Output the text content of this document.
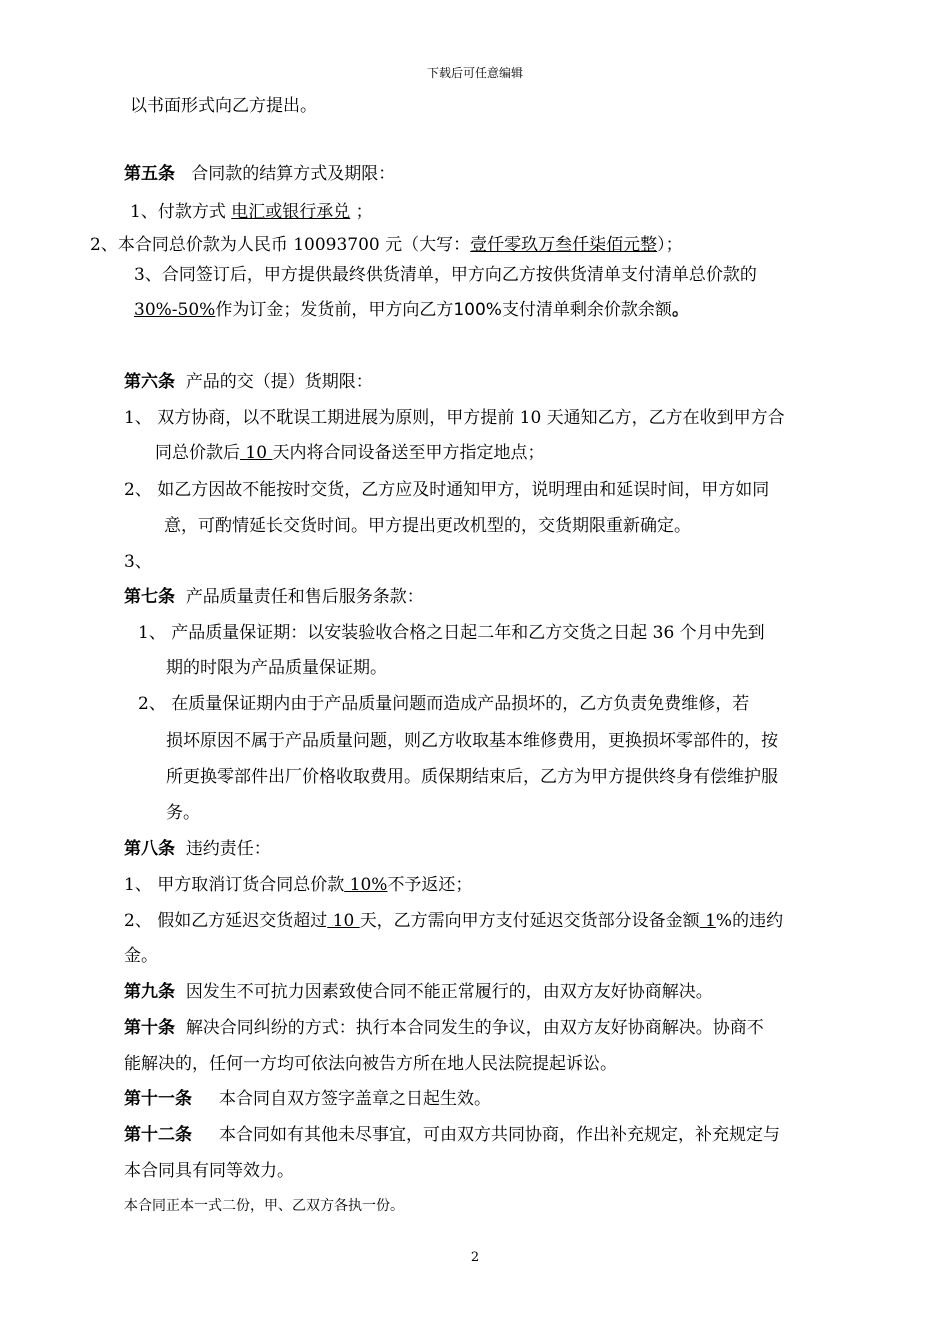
下载后可任意编辑
以书面形式向乙方提出。
第五条 合同款的结算方式及期限：
1、付款方式 电汇或银行承兑 ；
2、本合同总价款为人民币 10093700 元（大写：壹仟零玖万叁仟柒佰元整）；
3、合同签订后，甲方提供最终供货清单，甲方向乙方按供货清单支付清单总价款的
30%-50%作为订金；发货前，甲方向乙方100%支付清单剩余价款余额。
第六条 产品的交（提）货期限：
1、 双方协商，以不耽误工期进展为原则，甲方提前 10 天通知乙方，乙方在收到甲方合
同总价款后 10 天内将合同设备送至甲方指定地点；
2、 如乙方因故不能按时交货，乙方应及时通知甲方，说明理由和延误时间，甲方如同
意，可酌情延长交货时间。甲方提出更改机型的，交货期限重新确定。
3、
第七条 产品质量责任和售后服务条款：
1、 产品质量保证期：以安装验收合格之日起二年和乙方交货之日起 36 个月中先到
期的时限为产品质量保证期。
2、 在质量保证期内由于产品质量问题而造成产品损坏的，乙方负责免费维修，若
损坏原因不属于产品质量问题，则乙方收取基本维修费用，更换损坏零部件的，按
所更换零部件出厂价格收取费用。质保期结束后，乙方为甲方提供终身有偿维护服
务。
第八条 违约责任：
1、 甲方取消订货合同总价款 10%不予返还；
2、 假如乙方延迟交货超过 10 天，乙方需向甲方支付延迟交货部分设备金额 1%的违约
金。
第九条 因发生不可抗力因素致使合同不能正常履行的，由双方友好协商解决。
第十条 解决合同纠纷的方式：执行本合同发生的争议，由双方友好协商解决。协商不
能解决的，任何一方均可依法向被告方所在地人民法院提起诉讼。
第十一条 本合同自双方签字盖章之日起生效。
第十二条 本合同如有其他未尽事宜，可由双方共同协商，作出补充规定，补充规定与
本合同具有同等效力。
本合同正本一式二份，甲、乙双方各执一份。
2
